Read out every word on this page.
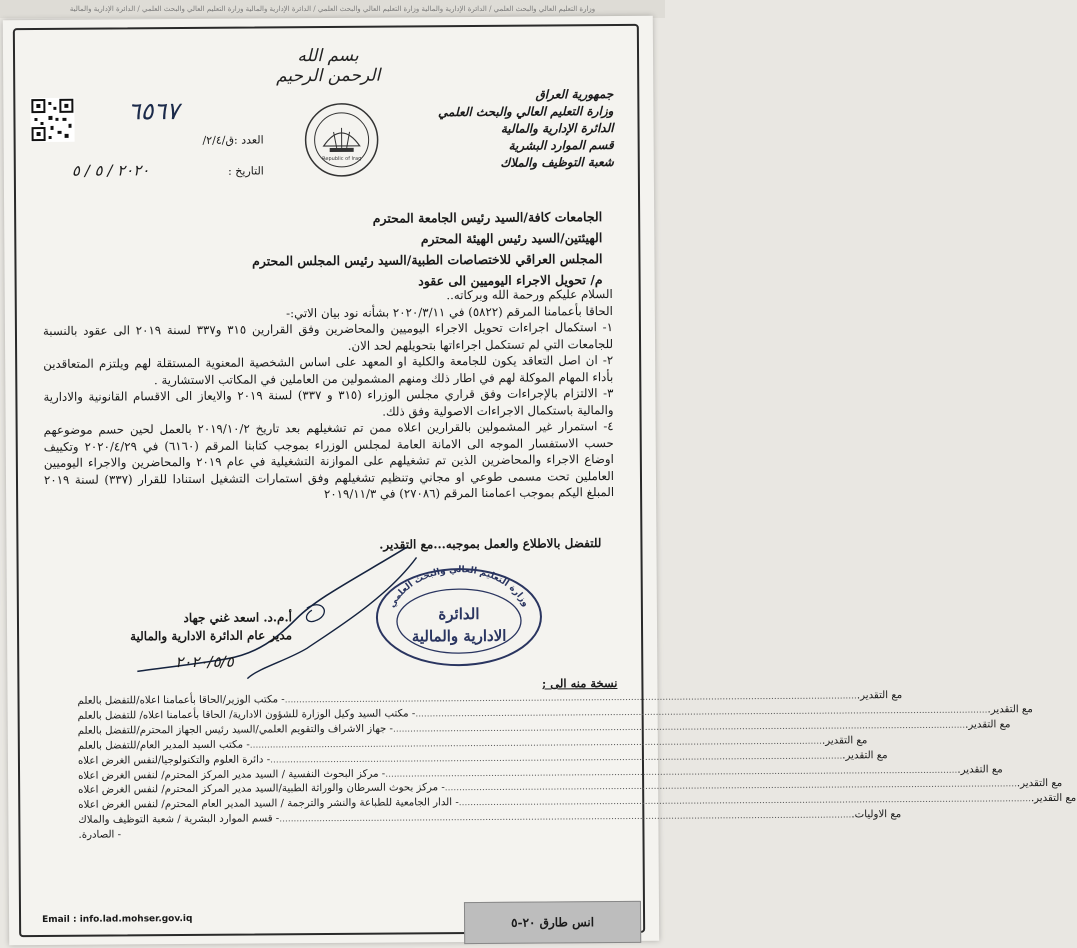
وزارة التعليم العالي والبحث العلمي / الدائرة الإدارية والمالية وزارة التعليم العالي والبحث العلمي / الدائرة الإدارية والمالية وزارة التعليم العالي والبحث العلمي / الدائرة الإدارية والمالية
بسم الله الرحمن الرحيم
Republic of Iraq
جمهورية العراق
وزارة التعليم العالي والبحث العلمي
الدائرة الإدارية والمالية
قسم الموارد البشرية
شعبة التوظيف والملاك
٦٥٦٧
العدد :ق/٢/٤/
التاريخ :
٢٠٢٠ / ٥ / ٥
الجامعات كافة/السيد رئيس الجامعة المحترم
الهيئتين/السيد رئيس الهيئة المحترم
المجلس العراقي للاختصاصات الطبية/السيد رئيس المجلس المحترم
م/ تحويل الاجراء اليوميين الى عقود

السلام عليكم ورحمة الله وبركاته..

الحاقا بأعمامنا المرقم (٥٨٢٢) في ٢٠٢٠/٣/١١ بشأنه نود بيان الاتي:-

١- استكمال اجراءات تحويل الاجراء اليوميين والمحاضرين وفق القرارين ٣١٥ و٣٣٧ لسنة ٢٠١٩ الى عقود بالنسبة للجامعات التي لم تستكمل اجراءاتها بتحويلهم لحد الان.

٢- ان اصل التعاقد يكون للجامعة والكلية او المعهد على اساس الشخصية المعنوية المستقلة لهم ويلتزم المتعاقدين بأداء المهام الموكلة لهم في اطار ذلك ومنهم المشمولين من العاملين في المكاتب الاستشارية .

٣- الالتزام بالإجراءات وفق قراري مجلس الوزراء (٣١٥ و ٣٣٧) لسنة ٢٠١٩ والايعاز الى الاقسام القانونية والادارية والمالية باستكمال الاجراءات الاصولية وفق ذلك.

٤- استمرار غير المشمولين بالقرارين اعلاه ممن تم تشغيلهم بعد تاريخ ٢٠١٩/١٠/٢ بالعمل لحين حسم موضوعهم حسب الاستفسار الموجه الى الامانة العامة لمجلس الوزراء بموجب كتابنا المرقم (٦١٦٠) في ٢٠٢٠/٤/٢٩ وتكييف اوضاع الاجراء والمحاضرين الذين تم تشغيلهم على الموازنة التشغيلية في عام ٢٠١٩ والمحاضرين والاجراء اليوميين العاملين تحت مسمى طوعي او مجاني وتنظيم تشغيلهم وفق استمارات التشغيل استنادا للقرار (٣٣٧) لسنة ٢٠١٩ المبلغ اليكم بموجب اعمامنا المرقم (٢٧٠٨٦) في ٢٠١٩/١١/٣

للتفضل بالاطلاع والعمل بموجبه...مع التقدير.
وزارة التعليم العالي والبحث العلمي
الدائرة
الادارية والمالية
أ.م.د. اسعد غني جهاد
مدير عام الدائرة الادارية والمالية
٢٠٢٠/٥/٥
نسخة منه الى ;
- مكتب الوزير/الحاقا بأعمامنا اعلاه/للتفضل بالعلم ........................................................................................................................................................................................................ مع التقدير.
- مكتب السيد وكيل الوزارة للشؤون الادارية/ الحاقا بأعمامنا اعلاه/ للتفضل بالعلم ........................................................................................................................................................................................................ مع التقدير.
- جهاز الاشراف والتقويم العلمي/السيد رئيس الجهاز المحترم/للتفضل بالعلم ........................................................................................................................................................................................................ مع التقدير.
- مكتب السيد المدير العام/للتفضل بالعلم ........................................................................................................................................................................................................ مع التقدير.
- دائرة العلوم والتكنولوجيا/لنفس الغرض اعلاه ........................................................................................................................................................................................................ مع التقدير.
- مركز البحوث النفسية / السيد مدير المركز المحترم/ لنفس الغرض اعلاه ........................................................................................................................................................................................................ مع التقدير.
- مركز بحوث السرطان والوراثة الطبية/السيد مدير المركز المحترم/ لنفس الغرض اعلاه ........................................................................................................................................................................................................ مع التقدير.
- الدار الجامعية للطباعة والنشر والترجمة / السيد المدير العام المحترم/ لنفس الغرض اعلاه ........................................................................................................................................................................................................ مع التقدير.
- قسم الموارد البشرية / شعبة التوظيف والملاك ........................................................................................................................................................................................................ مع الاوليات.
- الصادرة.
Email : info.lad.mohser.gov.iq	انس طارق ٢٠-٥
